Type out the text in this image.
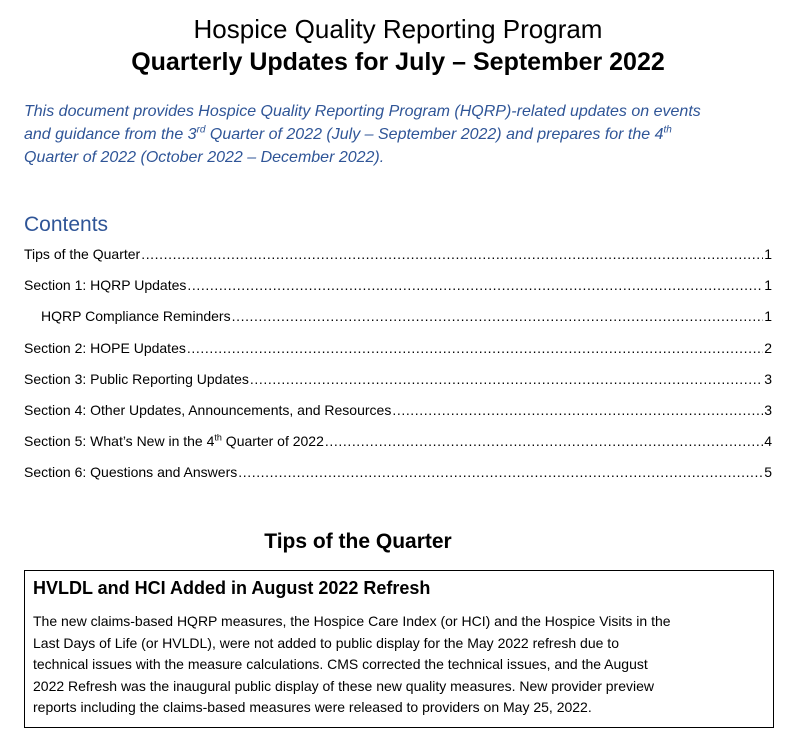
Hospice Quality Reporting Program
Quarterly Updates for July – September 2022
This document provides Hospice Quality Reporting Program (HQRP)-related updates on events
and guidance from the 3rd Quarter of 2022 (July – September 2022) and prepares for the 4th
Quarter of 2022 (October 2022 – December 2022).
Contents
Tips of the Quarter .....	1
Section 1: HQRP Updates .....	1
HQRP Compliance Reminders .....	1
Section 2: HOPE Updates .....	2
Section 3: Public Reporting Updates .....	3
Section 4: Other Updates, Announcements, and Resources .....	3
Section 5: What’s New in the 4th Quarter of 2022 .....	4
Section 6: Questions and Answers .....	5
Tips of the Quarter
HVLDL and HCI Added in August 2022 Refresh
The new claims-based HQRP measures, the Hospice Care Index (or HCI) and the Hospice Visits in the
Last Days of Life (or HVLDL), were not added to public display for the May 2022 refresh due to
technical issues with the measure calculations. CMS corrected the technical issues, and the August
2022 Refresh was the inaugural public display of these new quality measures. New provider preview
reports including the claims-based measures were released to providers on May 25, 2022.
